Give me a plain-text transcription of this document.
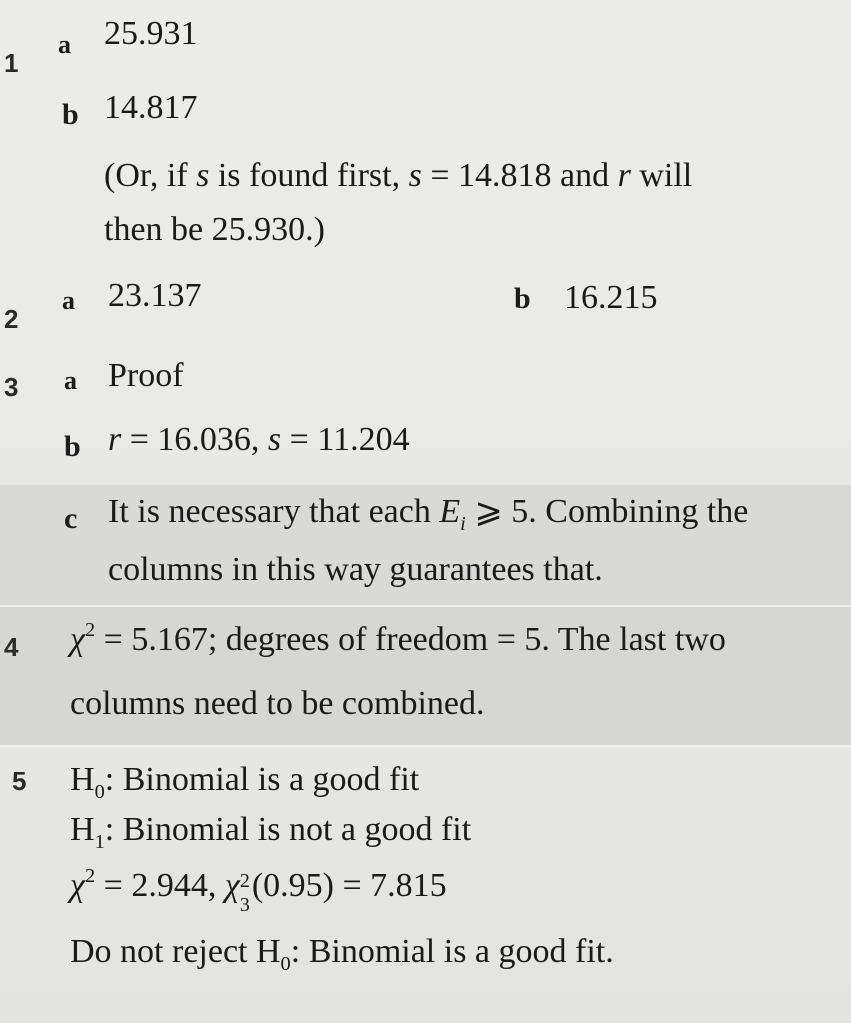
1
a 25.931
b 14.817
(Or, if s is found first, s = 14.818 and r will
then be 25.930.)
2
a 23.137	b 16.215
3 a Proof
b r = 16.036, s = 11.204
c It is necessary that each $E_i$ ⩾ 5. Combining the
columns in this way guarantees that.
4 $\chi^2 = 5.167$; degrees of freedom = 5. The last two
columns need to be combined.
5 $H_0$: Binomial is a good fit
$H_1$: Binomial is not a good fit
$\chi^2 = 2.944$, χ 2
3
(0.95) = 7.815
Do not reject $H_0$: Binomial is a good fit.
